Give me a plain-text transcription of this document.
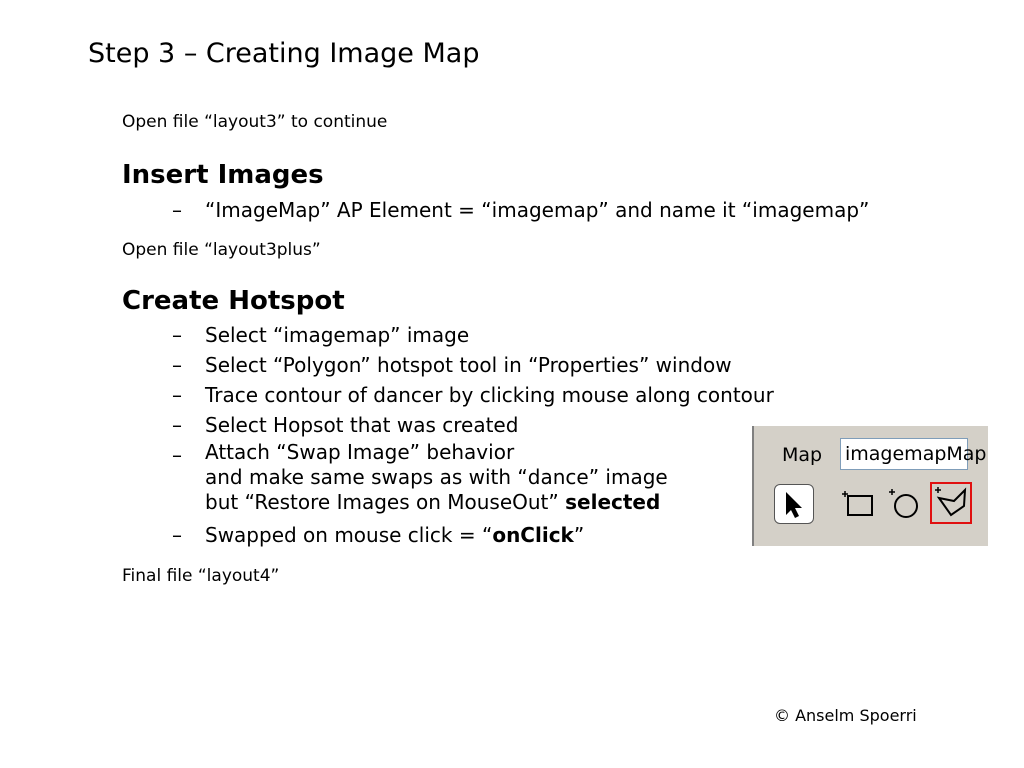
Step 3 – Creating Image Map
Open file “layout3” to continue
Insert Images
– “ImageMap” AP Element = “imagemap” and name it “imagemap”
Open file “layout3plus”
Create Hotspot
– Select “imagemap” image
– Select “Polygon” hotspot tool in “Properties” window
– Trace contour of dancer by clicking mouse along contour
– Select Hopsot that was created
– Attach “Swap Image” behavior
and make same swaps as with “dance” image
but “Restore Images on MouseOut” selected
– Swapped on mouse click = “onClick”
Final file “layout4”
Map imagemapMap
© Anselm Spoerri
